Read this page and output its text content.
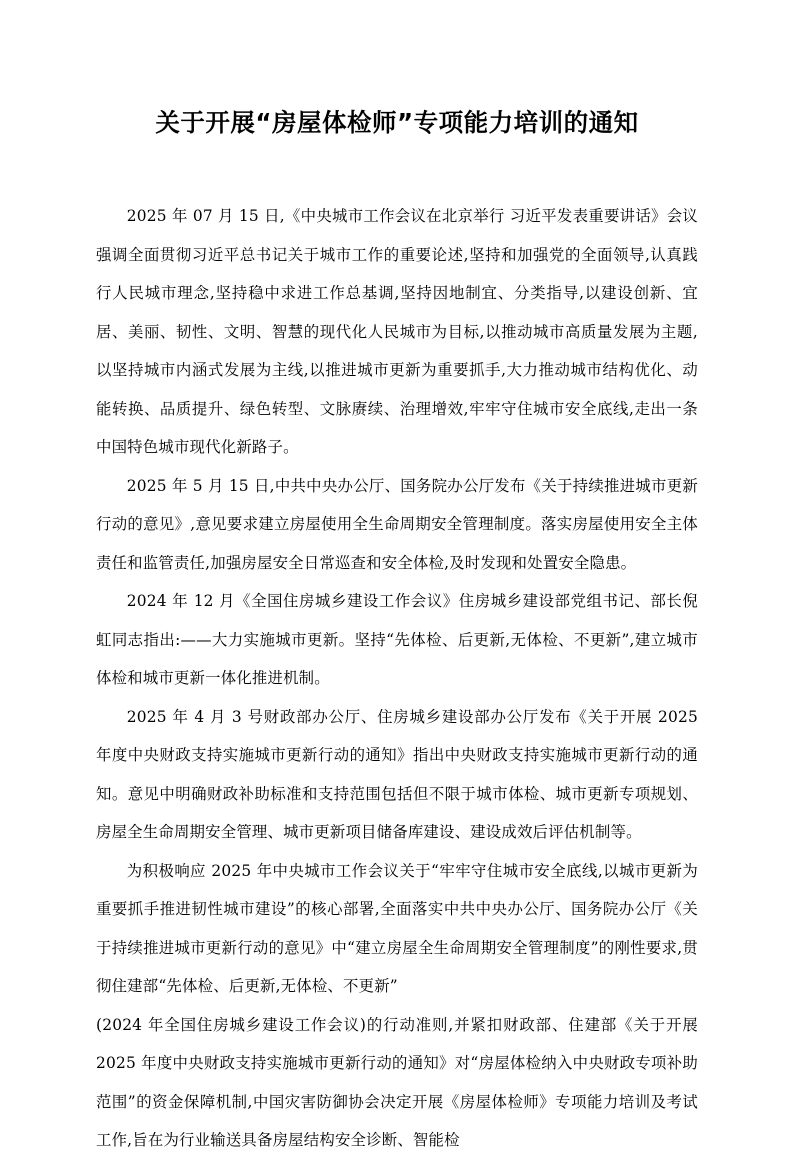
关于开展“房屋体检师”专项能力培训的通知

2025 年 07 月 15 日,《中央城市工作会议在北京举行 习近平发表重要讲话》会议强调全面贯彻习近平总书记关于城市工作的重要论述,坚持和加强党的全面领导,认真践行人民城市理念,坚持稳中求进工作总基调,坚持因地制宜、分类指导,以建设创新、宜居、美丽、韧性、文明、智慧的现代化人民城市为目标,以推动城市高质量发展为主题,以坚持城市内涵式发展为主线,以推进城市更新为重要抓手,大力推动城市结构优化、动能转换、品质提升、绿色转型、文脉赓续、治理增效,牢牢守住城市安全底线,走出一条中国特色城市现代化新路子。

2025 年 5 月 15 日,中共中央办公厅、国务院办公厅发布《关于持续推进城市更新行动的意见》,意见要求建立房屋使用全生命周期安全管理制度。落实房屋使用安全主体责任和监管责任,加强房屋安全日常巡查和安全体检,及时发现和处置安全隐患。

2024 年 12 月《全国住房城乡建设工作会议》住房城乡建设部党组书记、部长倪虹同志指出:——大力实施城市更新。坚持“先体检、后更新,无体检、不更新”,建立城市体检和城市更新一体化推进机制。

2025 年 4 月 3 号财政部办公厅、住房城乡建设部办公厅发布《关于开展 2025 年度中央财政支持实施城市更新行动的通知》指出中央财政支持实施城市更新行动的通知。意见中明确财政补助标准和支持范围包括但不限于城市体检、城市更新专项规划、房屋全生命周期安全管理、城市更新项目储备库建设、建设成效后评估机制等。

为积极响应 2025 年中央城市工作会议关于“牢牢守住城市安全底线,以城市更新为重要抓手推进韧性城市建设”的核心部署,全面落实中共中央办公厅、国务院办公厅《关于持续推进城市更新行动的意见》中“建立房屋全生命周期安全管理制度”的刚性要求,贯彻住建部“先体检、后更新,无体检、不更新”

(2024 年全国住房城乡建设工作会议)的行动准则,并紧扣财政部、住建部《关于开展 2025 年度中央财政支持实施城市更新行动的通知》对“房屋体检纳入中央财政专项补助范围”的资金保障机制,中国灾害防御协会决定开展《房屋体检师》专项能力培训及考试工作,旨在为行业输送具备房屋结构安全诊断、智能检
